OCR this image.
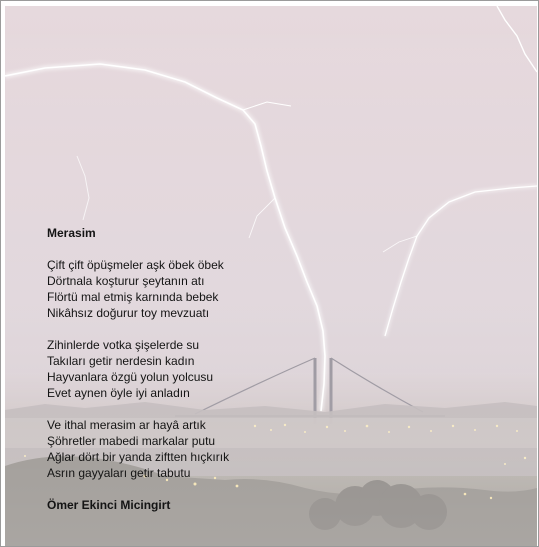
Merasim

Çift çift öpüşmeler aşk öbek öbek
Dörtnala koşturur şeytanın atı
Flörtü mal etmiş karnında bebek
Nikâhsız doğurur toy mevzuatı

Zihinlerde votka şişelerde su
Takıları getir nerdesin kadın
Hayvanlara özgü yolun yolcusu
Evet aynen öyle iyi anladın

Ve ithal merasim ar hayâ artık
Şöhretler mabedi markalar putu
Ağlar dört bir yanda ziftten hıçkırık
Asrın gayyaları getir tabutu

Ömer Ekinci Micingirt
